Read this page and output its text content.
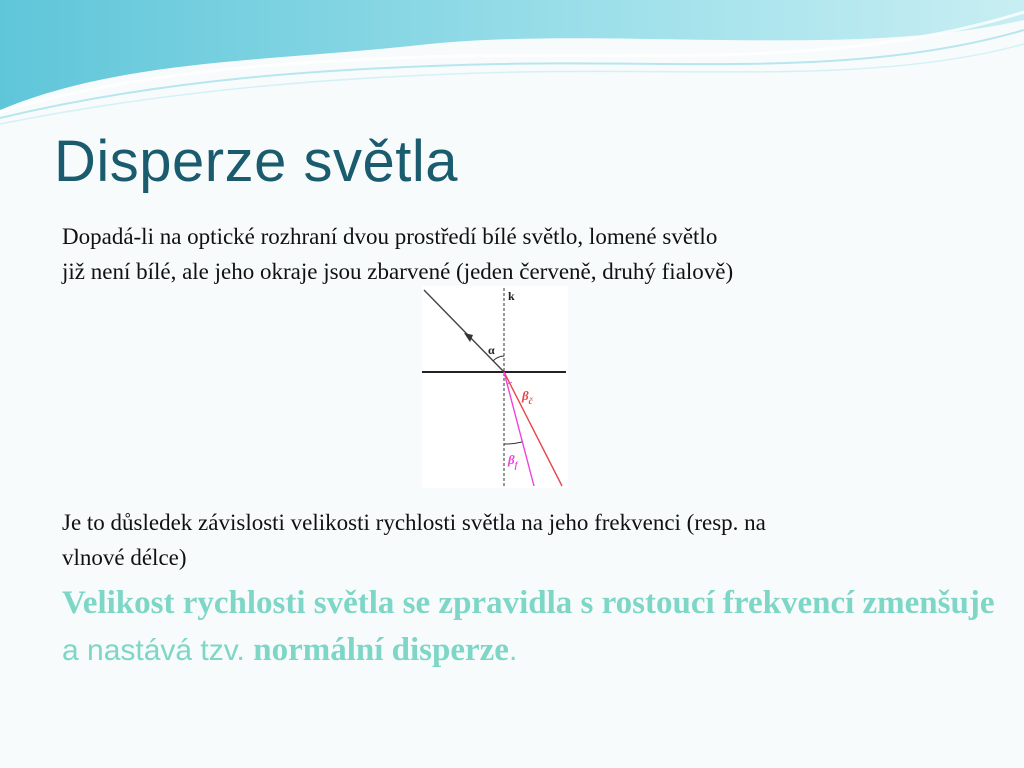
Disperze světla

Dopadá-li na optické rozhraní dvou prostředí bílé světlo, lomené světlo
již není bílé, ale jeho okraje jsou zbarvené (jeden červeně, druhý fialově)

α
k
$\beta_č$
$\beta_f$

Je to důsledek závislosti velikosti rychlosti světla na jeho frekvenci (resp. na
vlnové délce)

Velikost rychlosti světla se zpravidla s rostoucí frekvencí zmenšuje a nastává tzv. normální disperze.
